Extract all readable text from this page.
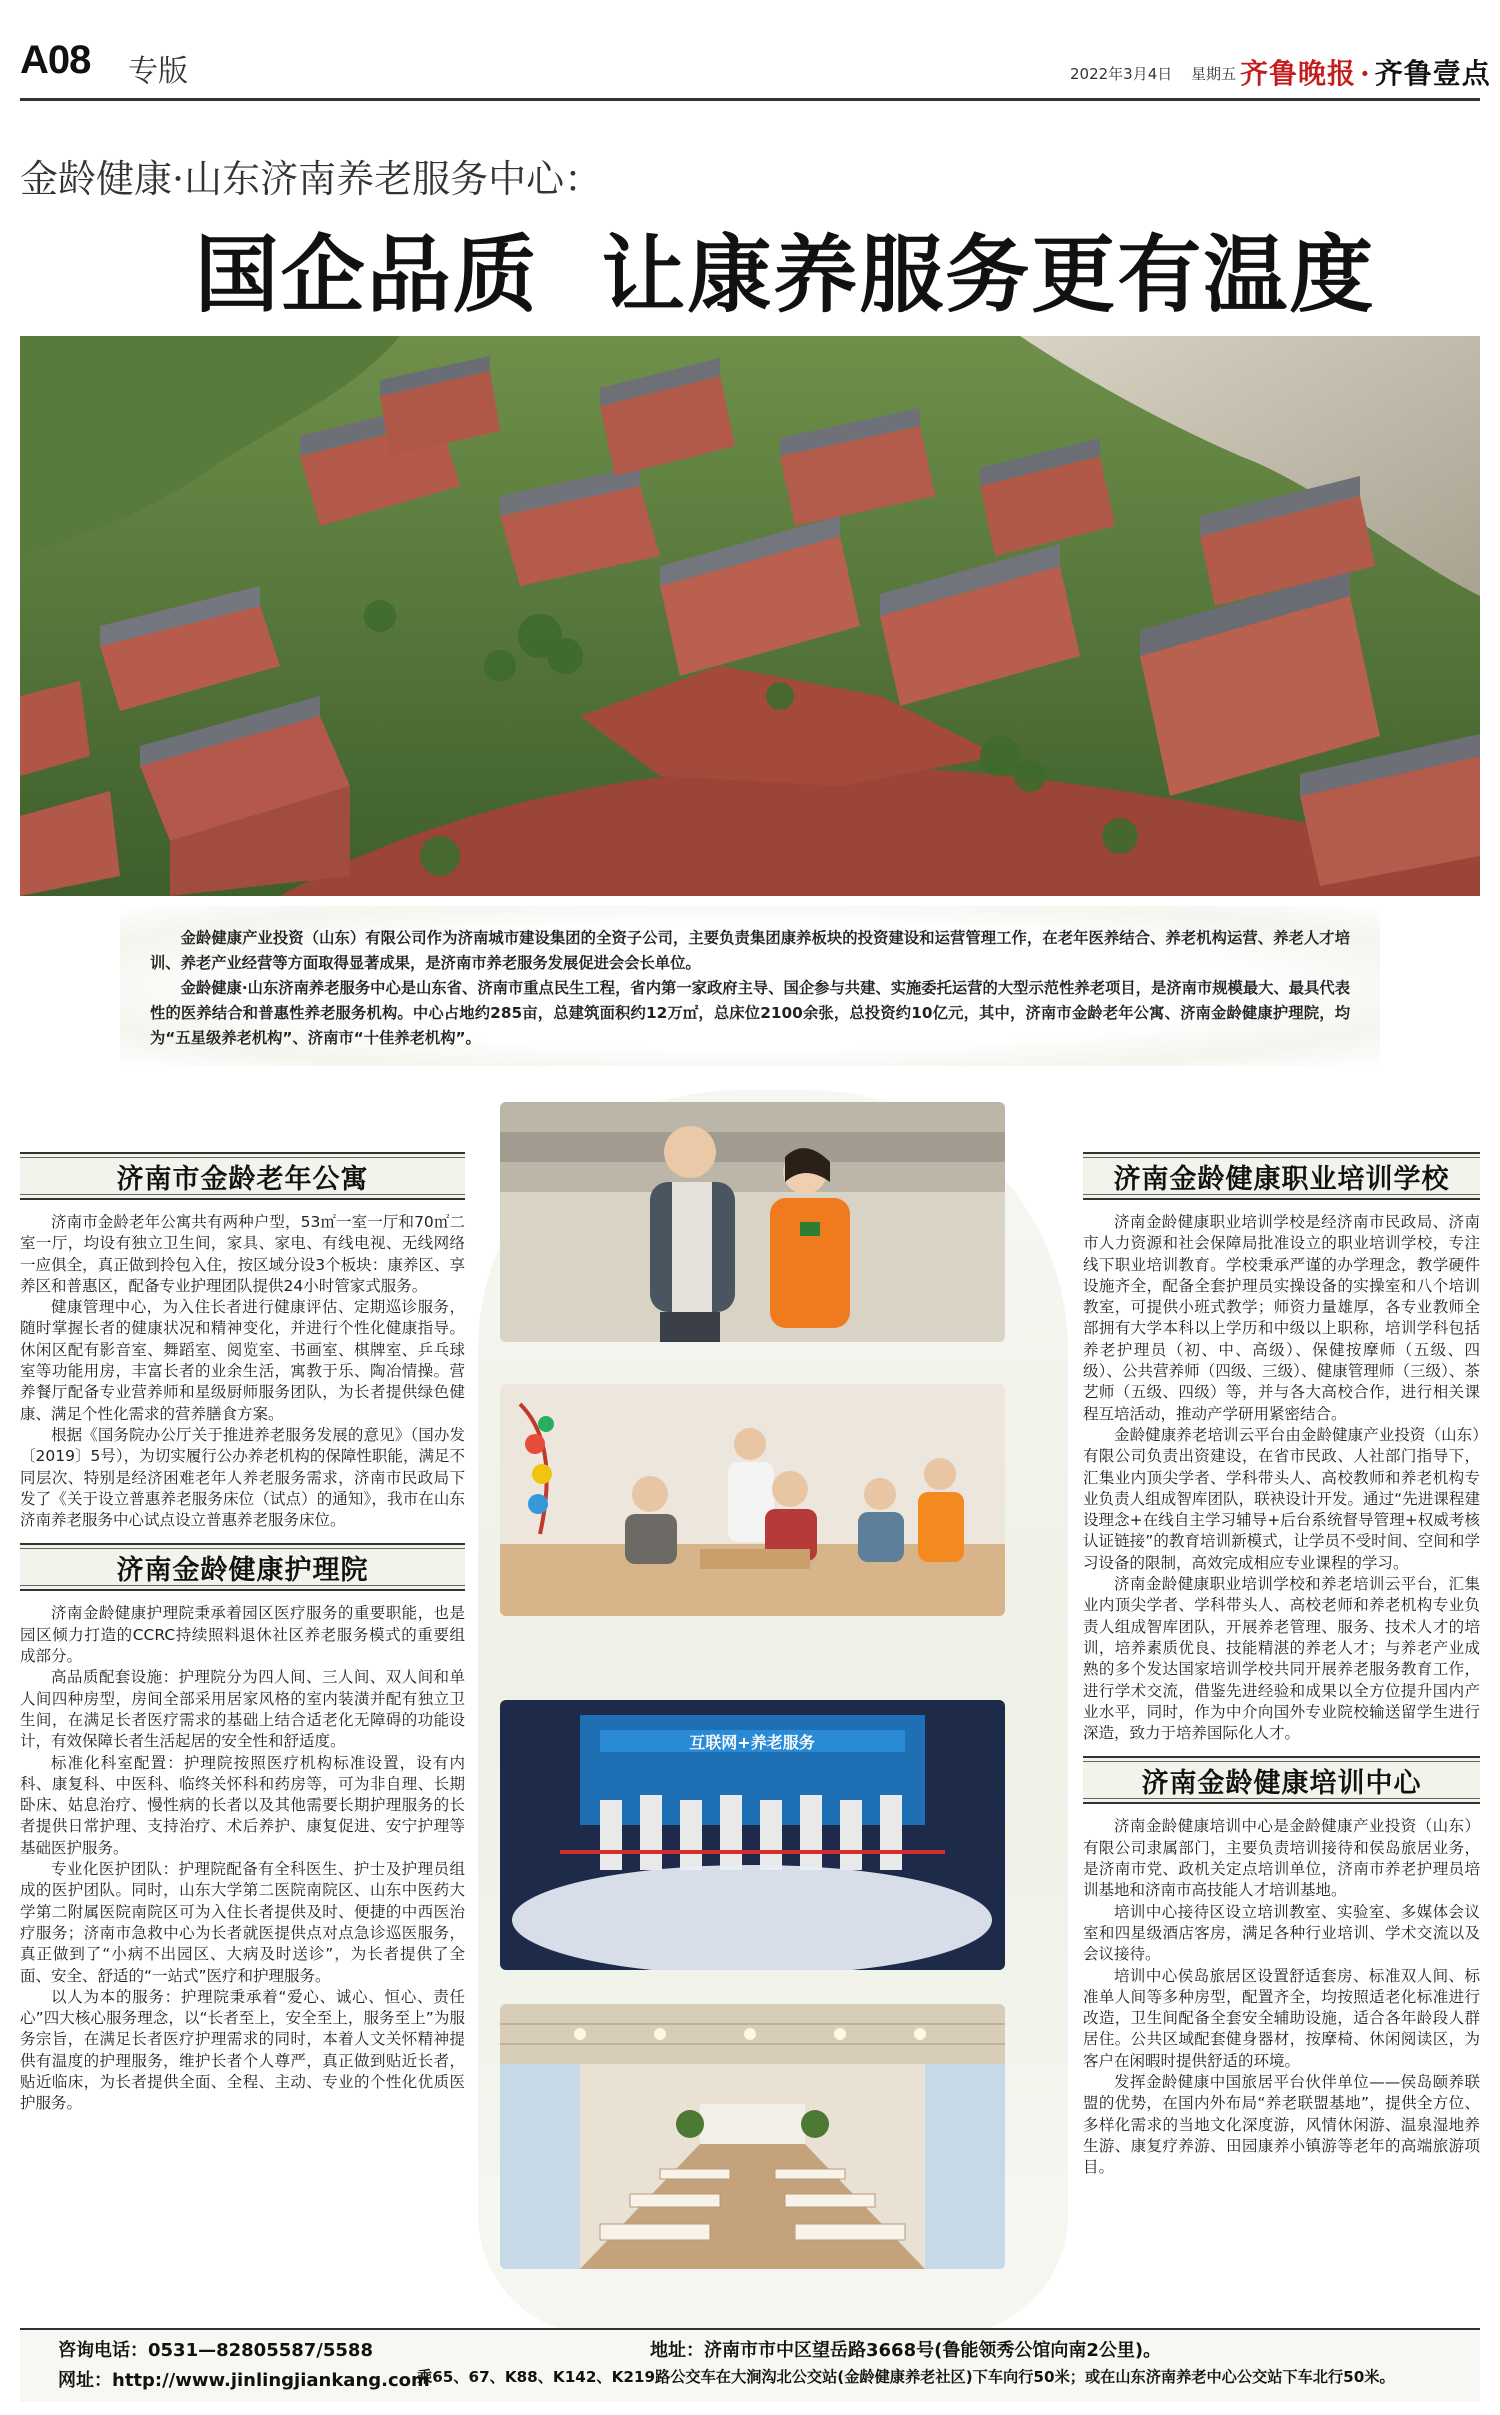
A08 专版	2022年3月4日 星期五 齐鲁晚报 · 齐鲁壹点
金龄健康·山东济南养老服务中心：
国企品质  让康养服务更有温度

金龄健康产业投资（山东）有限公司作为济南城市建设集团的全资子公司，主要负责集团康养板块的投资建设和运营管理工作，在老年医养结合、养老机构运营、养老人才培训、养老产业经营等方面取得显著成果，是济南市养老服务发展促进会会长单位。

金龄健康·山东济南养老服务中心是山东省、济南市重点民生工程，省内第一家政府主导、国企参与共建、实施委托运营的大型示范性养老项目，是济南市规模最大、最具代表性的医养结合和普惠性养老服务机构。中心占地约285亩，总建筑面积约12万㎡，总床位2100余张，总投资约10亿元，其中，济南市金龄老年公寓、济南金龄健康护理院，均为“五星级养老机构”、济南市“十佳养老机构”。

互联网+养老服务
济南市金龄老年公寓

济南市金龄老年公寓共有两种户型，53㎡一室一厅和70㎡二室一厅，均设有独立卫生间，家具、家电、有线电视、无线网络一应俱全，真正做到拎包入住，按区域分设3个板块：康养区、享养区和普惠区，配备专业护理团队提供24小时管家式服务。

健康管理中心，为入住长者进行健康评估、定期巡诊服务，随时掌握长者的健康状况和精神变化，并进行个性化健康指导。休闲区配有影音室、舞蹈室、阅览室、书画室、棋牌室、乒乓球室等功能用房，丰富长者的业余生活，寓教于乐、陶冶情操。营养餐厅配备专业营养师和星级厨师服务团队，为长者提供绿色健康、满足个性化需求的营养膳食方案。

根据《国务院办公厅关于推进养老服务发展的意见》（国办发〔2019〕5号），为切实履行公办养老机构的保障性职能，满足不同层次、特别是经济困难老年人养老服务需求，济南市民政局下发了《关于设立普惠养老服务床位（试点）的通知》，我市在山东济南养老服务中心试点设立普惠养老服务床位。

济南金龄健康护理院

济南金龄健康护理院秉承着园区医疗服务的重要职能，也是园区倾力打造的CCRC持续照料退休社区养老服务模式的重要组成部分。

高品质配套设施：护理院分为四人间、三人间、双人间和单人间四种房型，房间全部采用居家风格的室内装潢并配有独立卫生间，在满足长者医疗需求的基础上结合适老化无障碍的功能设计，有效保障长者生活起居的安全性和舒适度。

标准化科室配置：护理院按照医疗机构标准设置，设有内科、康复科、中医科、临终关怀科和药房等，可为非自理、长期卧床、姑息治疗、慢性病的长者以及其他需要长期护理服务的长者提供日常护理、支持治疗、术后养护、康复促进、安宁护理等基础医护服务。

专业化医护团队：护理院配备有全科医生、护士及护理员组成的医护团队。同时，山东大学第二医院南院区、山东中医药大学第二附属医院南院区可为入住长者提供及时、便捷的中西医治疗服务；济南市急救中心为长者就医提供点对点急诊巡医服务，真正做到了“小病不出园区、大病及时送诊”，为长者提供了全面、安全、舒适的“一站式”医疗和护理服务。

以人为本的服务：护理院秉承着“爱心、诚心、恒心、责任心”四大核心服务理念，以“长者至上，安全至上，服务至上”为服务宗旨，在满足长者医疗护理需求的同时，本着人文关怀精神提供有温度的护理服务，维护长者个人尊严，真正做到贴近长者，贴近临床，为长者提供全面、全程、主动、专业的个性化优质医护服务。

济南金龄健康职业培训学校

济南金龄健康职业培训学校是经济南市民政局、济南市人力资源和社会保障局批准设立的职业培训学校，专注线下职业培训教育。学校秉承严谨的办学理念，教学硬件设施齐全，配备全套护理员实操设备的实操室和八个培训教室，可提供小班式教学；师资力量雄厚，各专业教师全部拥有大学本科以上学历和中级以上职称，培训学科包括养老护理员（初、中、高级）、保健按摩师（五级、四级）、公共营养师（四级、三级）、健康管理师（三级）、茶艺师（五级、四级）等，并与各大高校合作，进行相关课程互培活动，推动产学研用紧密结合。

金龄健康养老培训云平台由金龄健康产业投资（山东）有限公司负责出资建设，在省市民政、人社部门指导下，汇集业内顶尖学者、学科带头人、高校教师和养老机构专业负责人组成智库团队，联袂设计开发。通过“先进课程建设理念+在线自主学习辅导+后台系统督导管理+权威考核认证链接”的教育培训新模式，让学员不受时间、空间和学习设备的限制，高效完成相应专业课程的学习。

济南金龄健康职业培训学校和养老培训云平台，汇集业内顶尖学者、学科带头人、高校老师和养老机构专业负责人组成智库团队，开展养老管理、服务、技术人才的培训，培养素质优良、技能精湛的养老人才；与养老产业成熟的多个发达国家培训学校共同开展养老服务教育工作，进行学术交流，借鉴先进经验和成果以全方位提升国内产业水平，同时，作为中介向国外专业院校输送留学生进行深造，致力于培养国际化人才。

济南金龄健康培训中心

济南金龄健康培训中心是金龄健康产业投资（山东）有限公司隶属部门，主要负责培训接待和侯岛旅居业务，是济南市党、政机关定点培训单位，济南市养老护理员培训基地和济南市高技能人才培训基地。

培训中心接待区设立培训教室、实验室、多媒体会议室和四星级酒店客房，满足各种行业培训、学术交流以及会议接待。

培训中心侯岛旅居区设置舒适套房、标准双人间、标准单人间等多种房型，配置齐全，均按照适老化标准进行改造，卫生间配备全套安全辅助设施，适合各年龄段人群居住。公共区域配套健身器材，按摩椅、休闲阅读区，为客户在闲暇时提供舒适的环境。

发挥金龄健康中国旅居平台伙伴单位——侯岛颐养联盟的优势，在国内外布局“养老联盟基地”，提供全方位、多样化需求的当地文化深度游，风情休闲游、温泉湿地养生游、康复疗养游、田园康养小镇游等老年的高端旅游项目。

咨询电话：0531—82805587/5588
网址：http://www.jinlingjiankang.com
地址：济南市市中区望岳路3668号(鲁能领秀公馆向南2公里)。
乘65、67、K88、K142、K219路公交车在大涧沟北公交站(金龄健康养老社区)下车向行50米；或在山东济南养老中心公交站下车北行50米。
